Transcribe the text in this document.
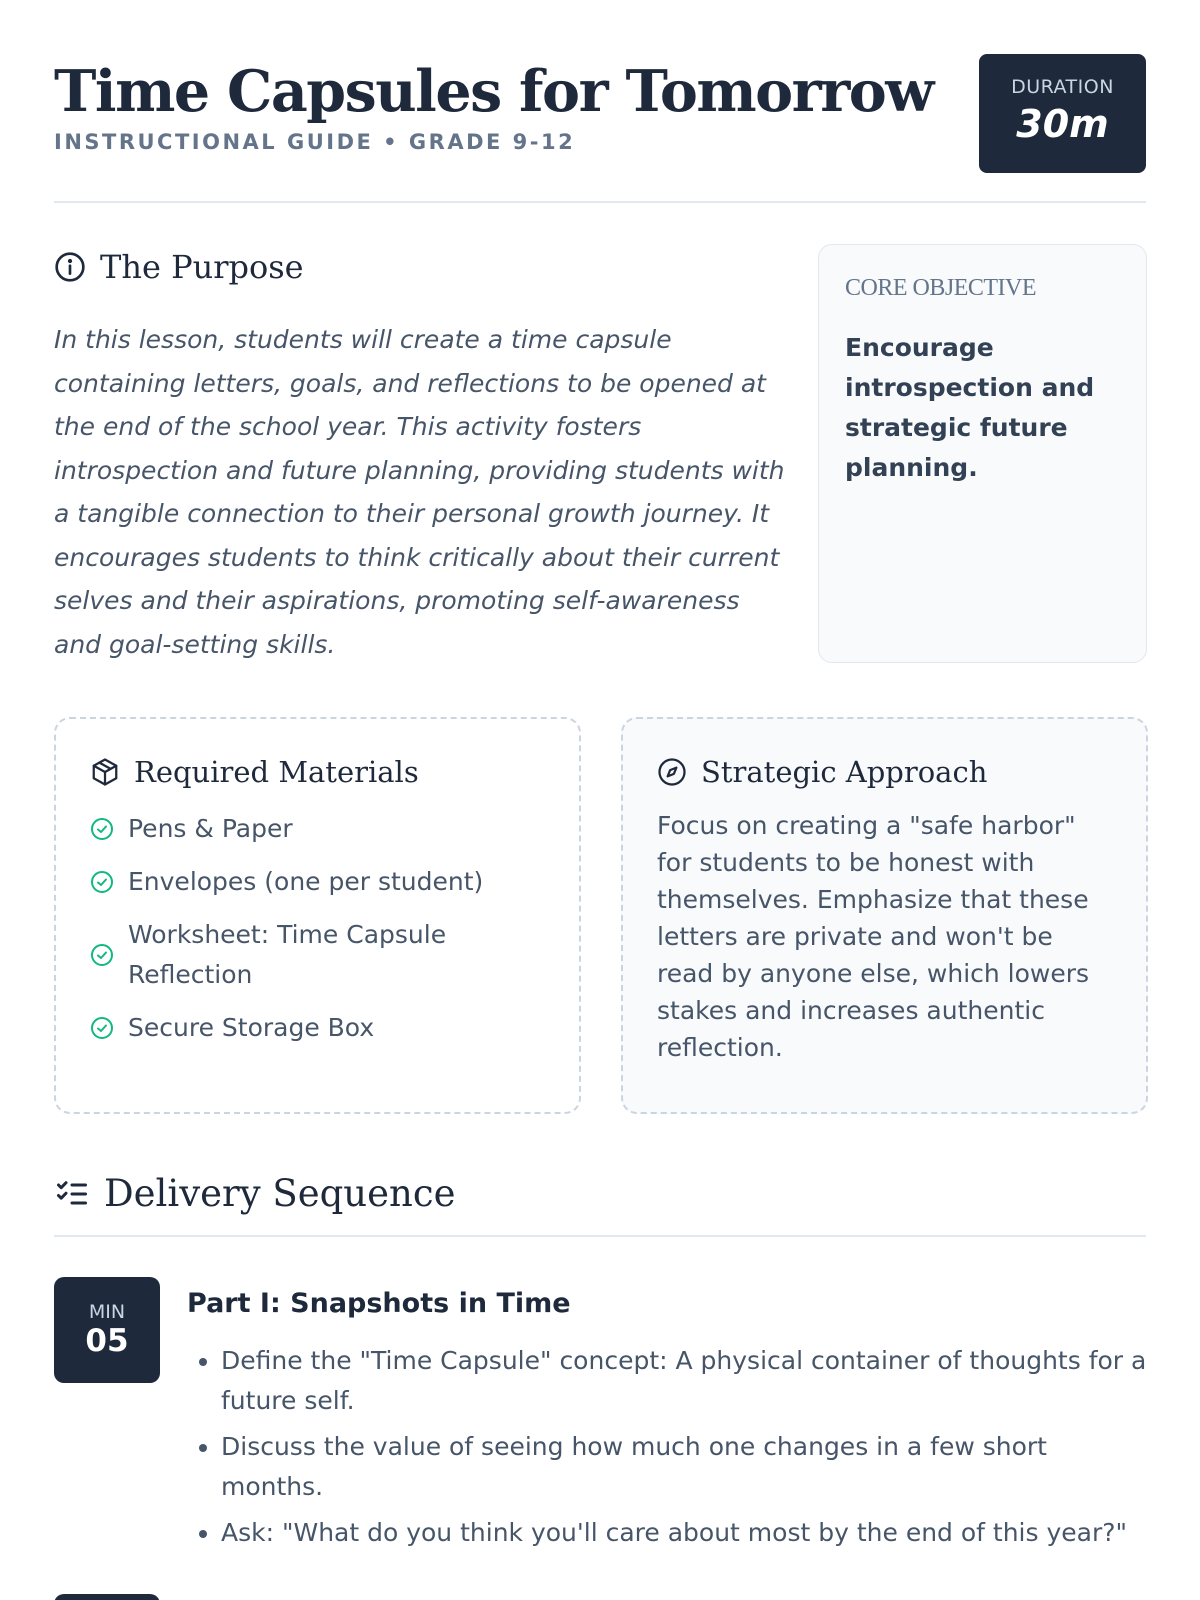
Time Capsules for Tomorrow
INSTRUCTIONAL GUIDE • GRADE 9-12
DURATION
30m
The Purpose

In this lesson, students will create a time capsule containing letters, goals, and reflections to be opened at the end of the school year. This activity fosters introspection and future planning, providing students with a tangible connection to their personal growth journey. It encourages students to think critically about their current selves and their aspirations, promoting self-awareness and goal-setting skills.

CORE OBJECTIVE
Encourage introspection and strategic future planning.
Required Materials
Pens & Paper
Envelopes (one per student)
Worksheet: Time Capsule Reflection
Secure Storage Box
Strategic Approach

Focus on creating a "safe harbor" for students to be honest with themselves. Emphasize that these letters are private and won't be read by anyone else, which lowers stakes and increases authentic reflection.

Delivery Sequence
MIN
05
Part I: Snapshots in Time
• Define the "Time Capsule" concept: A physical container of thoughts for a future self.
• Discuss the value of seeing how much one changes in a few short months.
• Ask: "What do you think you'll care about most by the end of this year?"
